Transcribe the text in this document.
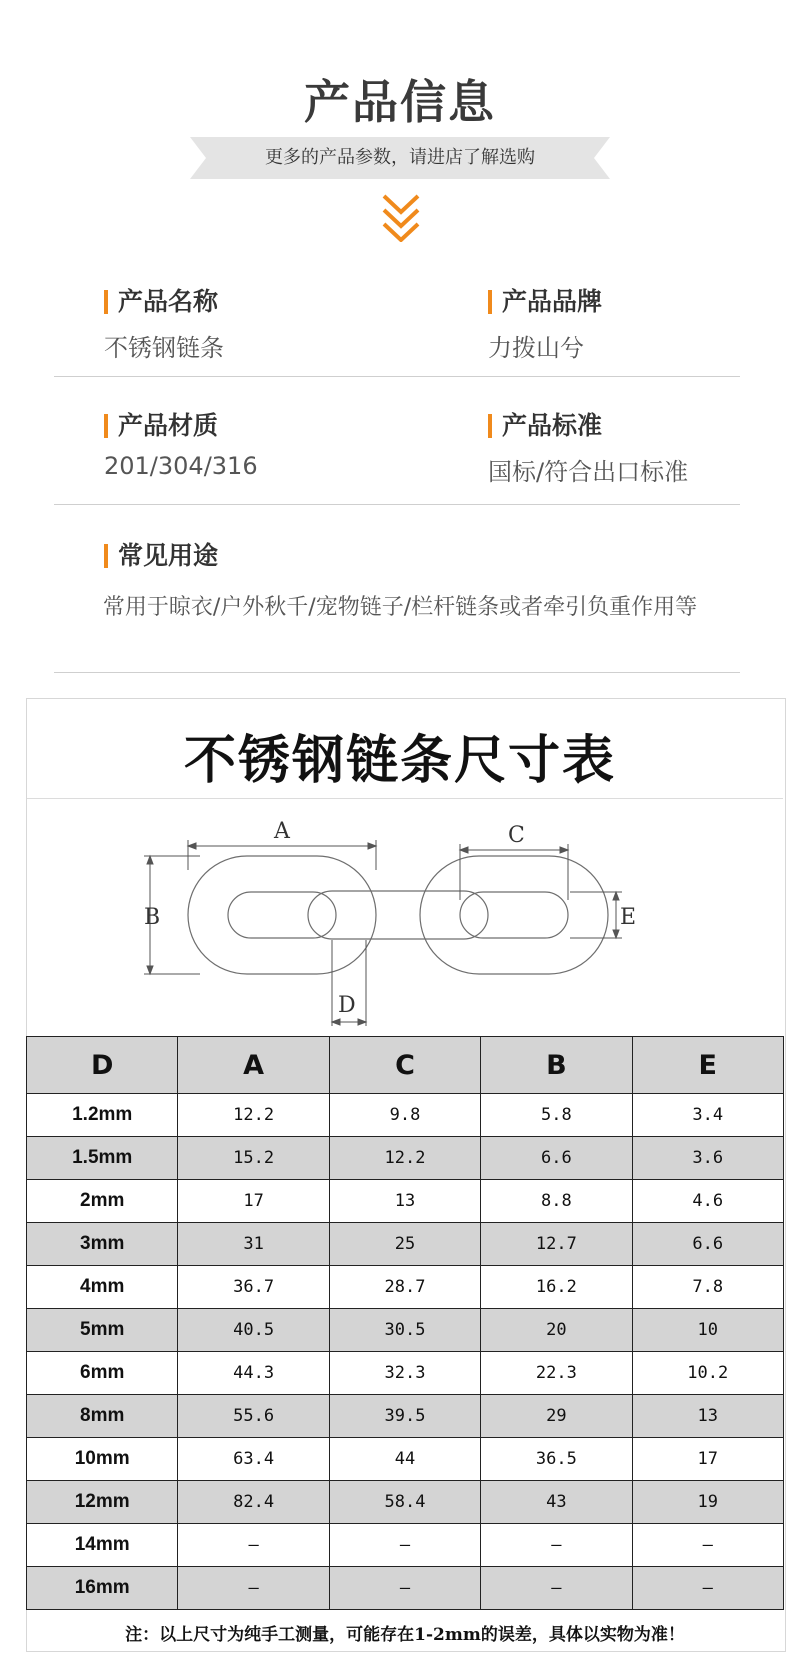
产品信息
更多的产品参数，请进店了解选购
产品名称
不锈钢链条
产品品牌
力拨山兮
产品材质
201/304/316
产品标准
国标/符合出口标准
常见用途
常用于晾衣/户外秋千/宠物链子/栏杆链条或者牵引负重作用等
不锈钢链条尺寸表
A	C
B	E
D
D	A	C	B	E
1.2mm	12.2	9.8	5.8	3.4
1.5mm	15.2	12.2	6.6	3.6
2mm	17	13	8.8	4.6
3mm	31	25	12.7	6.6
4mm	36.7	28.7	16.2	7.8
5mm	40.5	30.5	20	10
6mm	44.3	32.3	22.3	10.2
8mm	55.6	39.5	29	13
10mm	63.4	44	36.5	17
12mm	82.4	58.4	43	19
14mm	—	—	—	—
16mm	—	—	—	—
注：以上尺寸为纯手工测量，可能存在1-2mm的误差，具体以实物为准！
